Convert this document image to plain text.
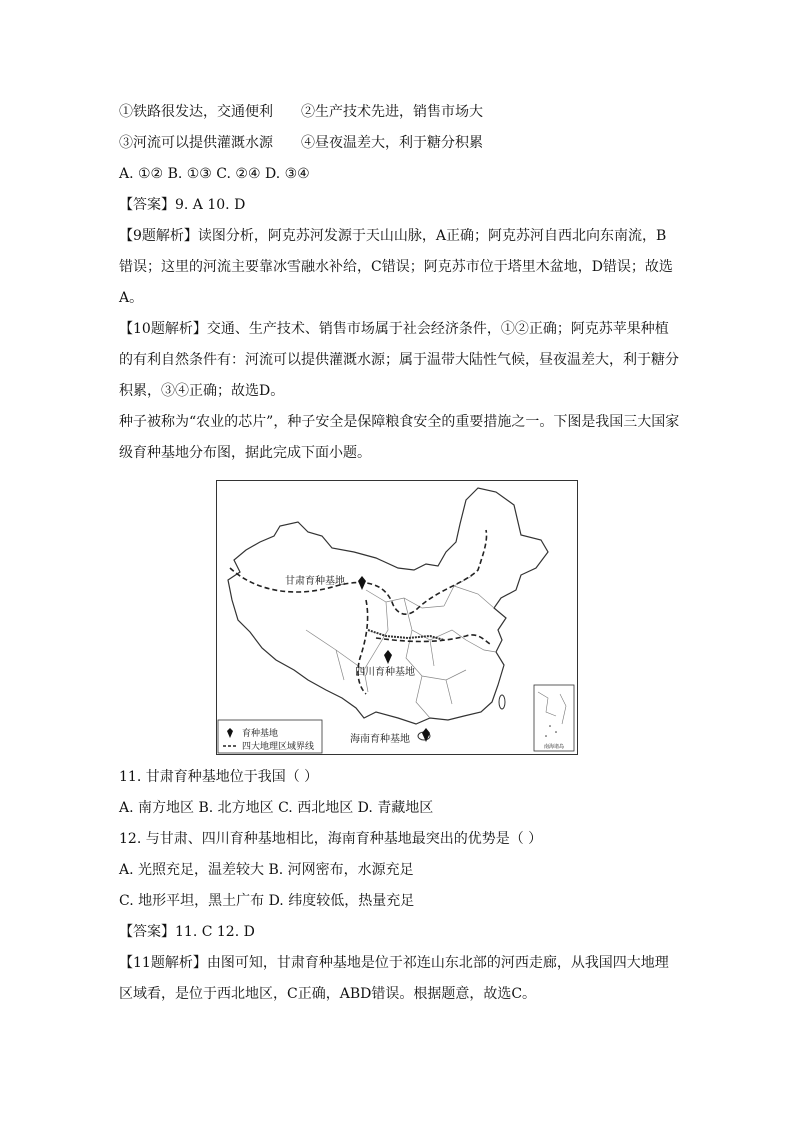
①铁路很发达，交通便利 ②生产技术先进，销售市场大
③河流可以提供灌溉水源 ④昼夜温差大，利于糖分积累
A. ①② B. ①③ C. ②④ D. ③④
【答案】9. A 10. D
【9题解析】读图分析，阿克苏河发源于天山山脉，A正确；阿克苏河自西北向东南流，B
错误；这里的河流主要靠冰雪融水补给，C错误；阿克苏市位于塔里木盆地，D错误；故选
A。
【10题解析】交通、生产技术、销售市场属于社会经济条件，①②正确；阿克苏苹果种植
的有利自然条件有：河流可以提供灌溉水源；属于温带大陆性气候，昼夜温差大，利于糖分
积累，③④正确；故选D。
种子被称为“农业的芯片”，种子安全是保障粮食安全的重要措施之一。下图是我国三大国家
级育种基地分布图，据此完成下面小题。
南海诸岛
甘肃育种基地
四川育种基地
海南育种基地
育种基地
四大地理区域界线
11. 甘肃育种基地位于我国（ ）
A. 南方地区 B. 北方地区 C. 西北地区 D. 青藏地区
12. 与甘肃、四川育种基地相比，海南育种基地最突出的优势是（ ）
A. 光照充足，温差较大 B. 河网密布，水源充足
C. 地形平坦，黑土广布 D. 纬度较低，热量充足
【答案】11. C 12. D
【11题解析】由图可知，甘肃育种基地是位于祁连山东北部的河西走廊，从我国四大地理
区域看，是位于西北地区，C正确，ABD错误。根据题意，故选C。
